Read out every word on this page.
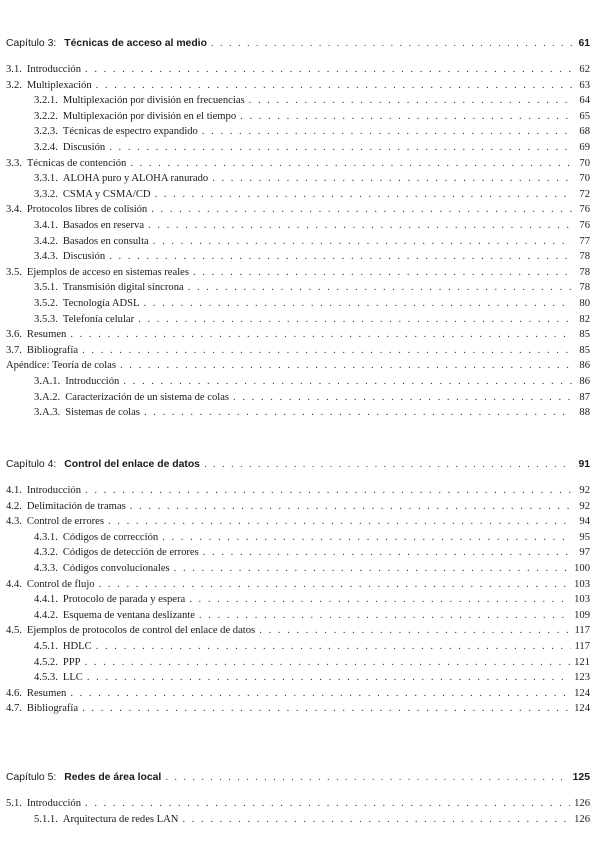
Capítulo 3: Técnicas de acceso al medio . . .	61
3.1. Introducción . . .	62
3.2. Multiplexación . . .	63
3.2.1. Multiplexación por división en frecuencias . . .	64
3.2.2. Multiplexación por división en el tiempo . . .	65
3.2.3. Técnicas de espectro expandido . . .	68
3.2.4. Discusión . . .	69
3.3. Técnicas de contención . . .	70
3.3.1. ALOHA puro y ALOHA ranurado . . .	70
3.3.2. CSMA y CSMA/CD . . .	72
3.4. Protocolos libres de colisión . . .	76
3.4.1. Basados en reserva . . .	76
3.4.2. Basados en consulta . . .	77
3.4.3. Discusión . . .	78
3.5. Ejemplos de acceso en sistemas reales . . .	78
3.5.1. Transmisión digital síncrona . . .	78
3.5.2. Tecnología ADSL . . .	80
3.5.3. Telefonía celular . . .	82
3.6. Resumen . . .	85
3.7. Bibliografía . . .	85
Apéndice: Teoría de colas . . .	86
3.A.1. Introducción . . .	86
3.A.2. Caracterización de un sistema de colas . . .	87
3.A.3. Sistemas de colas . . .	88
Capítulo 4: Control del enlace de datos . . .	91
4.1. Introducción . . .	92
4.2. Delimitación de tramas . . .	92
4.3. Control de errores . . .	94
4.3.1. Códigos de corrección . . .	95
4.3.2. Códigos de detección de errores . . .	97
4.3.3. Códigos convolucionales . . .	100
4.4. Control de flujo . . .	103
4.4.1. Protocolo de parada y espera . . .	103
4.4.2. Esquema de ventana deslizante . . .	109
4.5. Ejemplos de protocolos de control del enlace de datos . . .	117
4.5.1. HDLC . . .	117
4.5.2. PPP . . .	121
4.5.3. LLC . . .	123
4.6. Resumen . . .	124
4.7. Bibliografía . . .	124
Capítulo 5: Redes de área local . . .	125
5.1. Introducción . . .	126
5.1.1. Arquitectura de redes LAN . . .	126
